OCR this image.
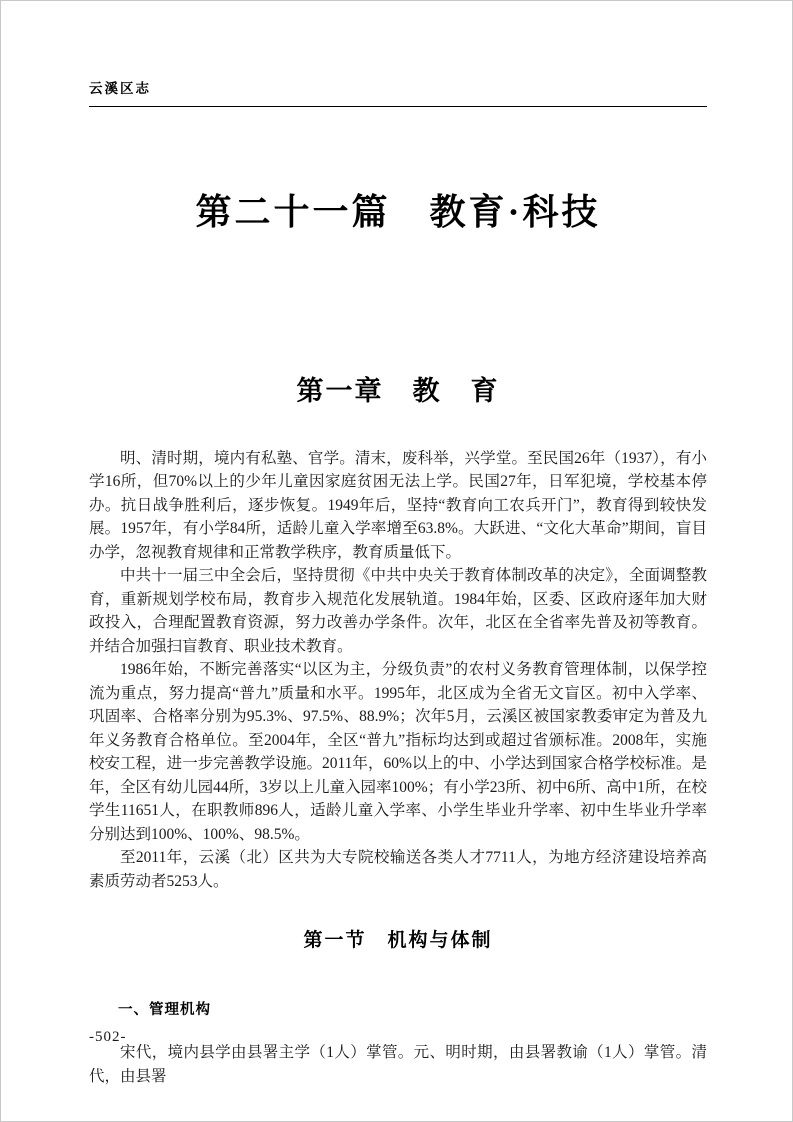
云溪区志
第二十一篇　教育·科技
第一章　教　育

明、清时期，境内有私塾、官学。清末，废科举，兴学堂。至民国26年（1937），有小学16所，但70%以上的少年儿童因家庭贫困无法上学。民国27年，日军犯境，学校基本停办。抗日战争胜利后，逐步恢复。1949年后，坚持“教育向工农兵开门”，教育得到较快发展。1957年，有小学84所，适龄儿童入学率增至63.8%。大跃进、“文化大革命”期间，盲目办学，忽视教育规律和正常教学秩序，教育质量低下。

中共十一届三中全会后，坚持贯彻《中共中央关于教育体制改革的决定》，全面调整教育，重新规划学校布局，教育步入规范化发展轨道。1984年始，区委、区政府逐年加大财政投入，合理配置教育资源，努力改善办学条件。次年，北区在全省率先普及初等教育。并结合加强扫盲教育、职业技术教育。

1986年始，不断完善落实“以区为主，分级负责”的农村义务教育管理体制，以保学控流为重点，努力提高“普九”质量和水平。1995年，北区成为全省无文盲区。初中入学率、巩固率、合格率分别为95.3%、97.5%、88.9%；次年5月，云溪区被国家教委审定为普及九年义务教育合格单位。至2004年，全区“普九”指标均达到或超过省颁标准。2008年，实施校安工程，进一步完善教学设施。2011年，60%以上的中、小学达到国家合格学校标准。是年，全区有幼儿园44所，3岁以上儿童入园率100%；有小学23所、初中6所、高中1所，在校学生11651人，在职教师896人，适龄儿童入学率、小学生毕业升学率、初中生毕业升学率分别达到100%、100%、98.5%。

至2011年，云溪（北）区共为大专院校输送各类人才7711人，为地方经济建设培养高素质劳动者5253人。

第一节　机构与体制
一、管理机构

宋代，境内县学由县署主学（1人）掌管。元、明时期，由县署教谕（1人）掌管。清代，由县署

-502-
